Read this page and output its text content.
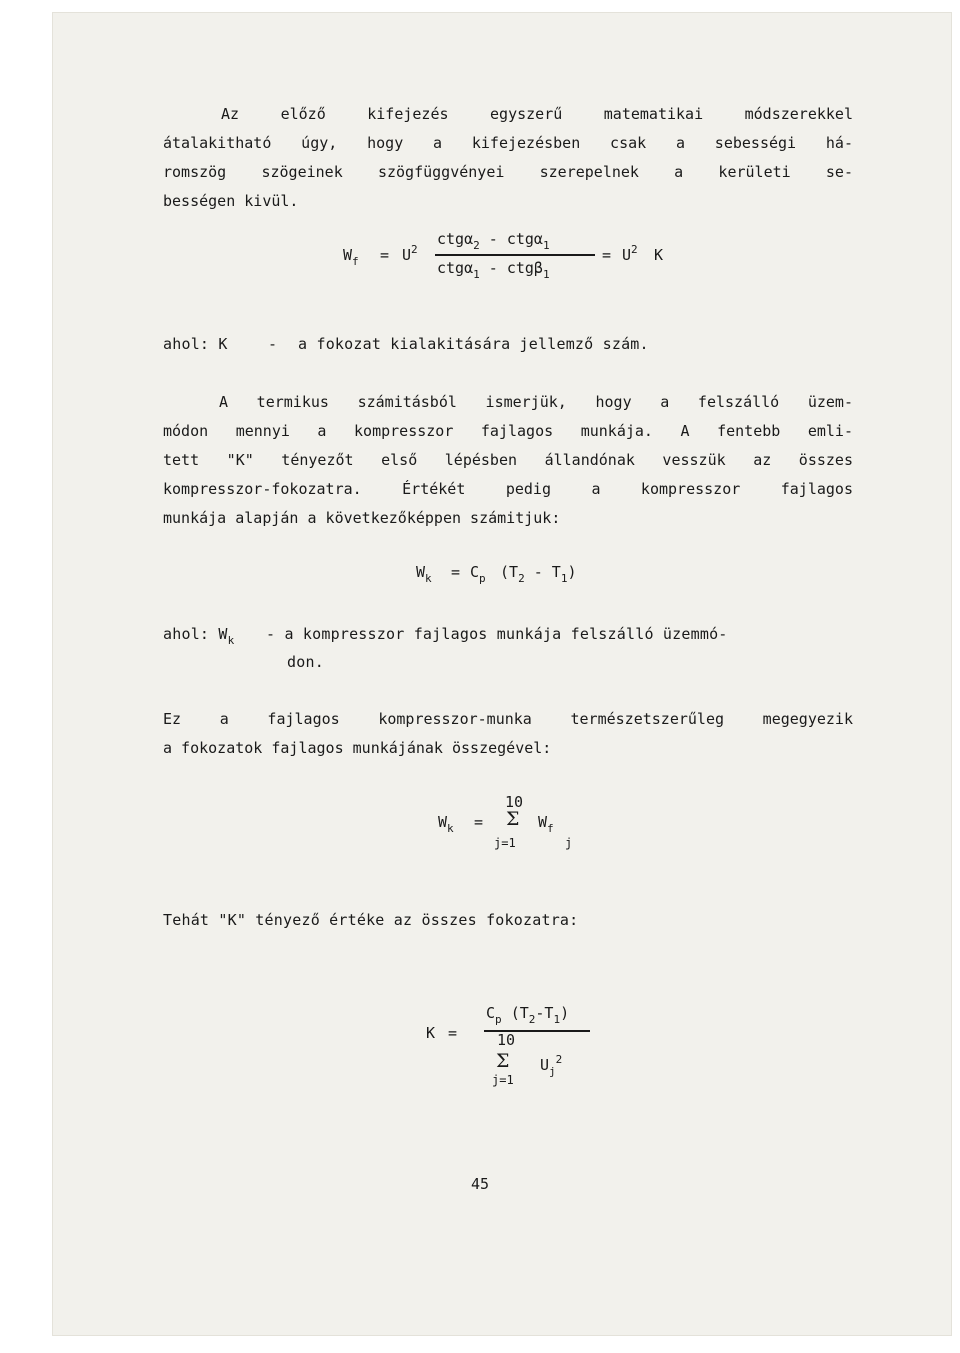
Az előző kifejezés egyszerű matematikai módszerekkel
átalakitható úgy, hogy a kifejezésben csak a sebességi há-
romszög szögeinek szögfüggvényei szerepelnek a kerületi se-
bességen kivül.
$W_f = U^2$
ctgα$_2$ - ctgα$_1$
ctgα$_1$ - ctgβ$_1$
= $U^2$ K
ahol: K	- a fokozat kialakitására jellemző szám.
A termikus számitásból ismerjük, hogy a felszálló üzem-
módon mennyi a kompresszor fajlagos munkája. A fentebb emli-
tett "K" tényezőt első lépésben állandónak vesszük az összes
kompresszor-fokozatra. Értékét pedig a kompresszor fajlagos
munkája alapján a következőképpen számitjuk:
$W_k = C_p$ $(T_2 - T_1)$
ahol: $W_k$ - a kompresszor fajlagos munkája felszálló üzemmó-
don.
Ez a fajlagos kompresszor-munka természetszerűleg megegyezik
a fokozatok fajlagos munkájának összegével:
10
$W_k = \Sigma$
j=1
$W_f$
j
Tehát "K" tényező értéke az összes fokozatra:
K =
$C_p$ $(T_2-T_1)$
10
Σ
j=1
$U_j^2$
45
